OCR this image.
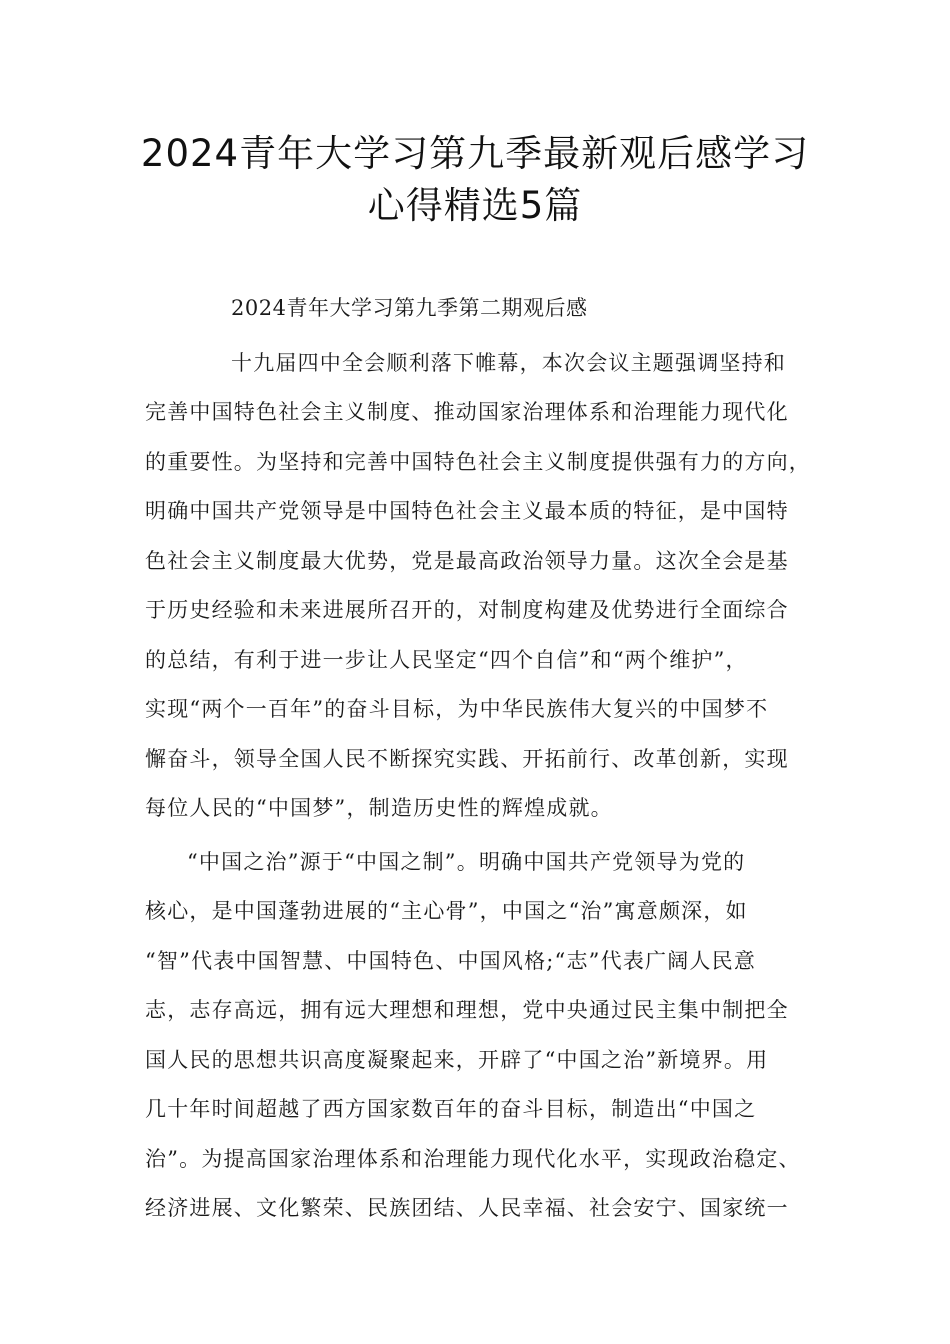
2024青年大学习第九季最新观后感学习
心得精选5篇
2024青年大学习第九季第二期观后感

十九届四中全会顺利落下帷幕，本次会议主题强调坚持和
完善中国特色社会主义制度、推动国家治理体系和治理能力现代化
的重要性。为坚持和完善中国特色社会主义制度提供强有力的方向，
明确中国共产党领导是中国特色社会主义最本质的特征，是中国特
色社会主义制度最大优势，党是最高政治领导力量。这次全会是基
于历史经验和未来进展所召开的，对制度构建及优势进行全面综合
的总结，有利于进一步让人民坚定“四个自信”和“两个维护”，
实现“两个一百年”的奋斗目标，为中华民族伟大复兴的中国梦不
懈奋斗，领导全国人民不断探究实践、开拓前行、改革创新，实现
每位人民的“中国梦”，制造历史性的辉煌成就。

“中国之治”源于“中国之制”。明确中国共产党领导为党的
核心，是中国蓬勃进展的“主心骨”，中国之“治”寓意颇深，如
“智”代表中国智慧、中国特色、中国风格;“志”代表广阔人民意
志，志存高远，拥有远大理想和理想，党中央通过民主集中制把全
国人民的思想共识高度凝聚起来，开辟了“中国之治”新境界。用
几十年时间超越了西方国家数百年的奋斗目标，制造出“中国之
治”。为提高国家治理体系和治理能力现代化水平，实现政治稳定、
经济进展、文化繁荣、民族团结、人民幸福、社会安宁、国家统一
